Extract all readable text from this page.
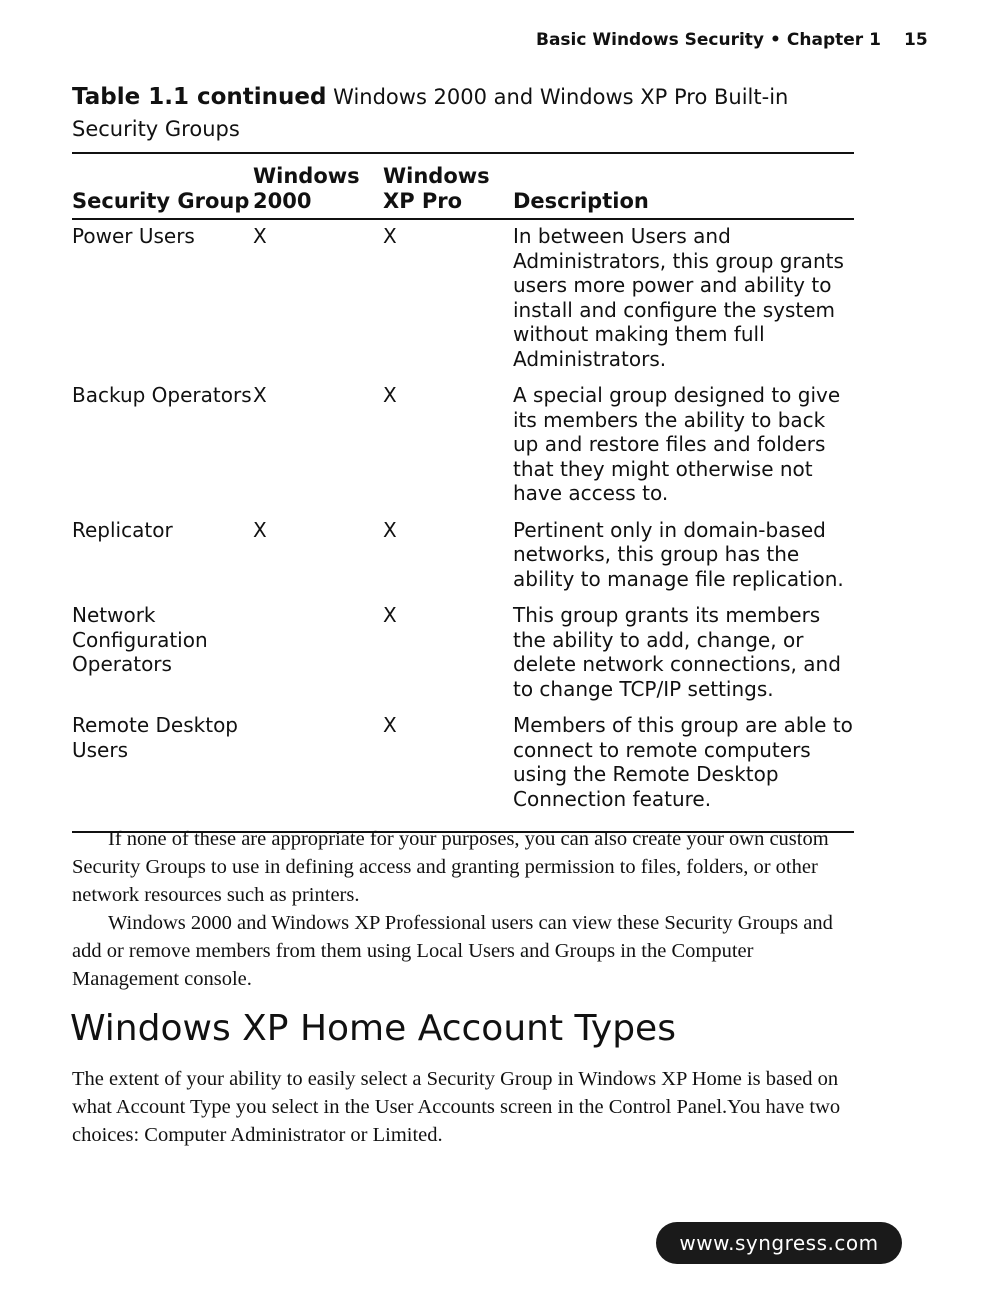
Basic Windows Security • Chapter 1 15
Table 1.1 continued Windows 2000 and Windows XP Pro Built-in Security Groups
Security Group	Windows 2000	Windows XP Pro	Description
Power Users	X	X	In between Users and Administrators, this group grants users more power and ability to install and configure the system without making them full Administrators.
Backup Operators	X	X	A special group designed to give its members the ability to back up and restore files and folders that they might otherwise not have access to.
Replicator	X	X	Pertinent only in domain-based networks, this group has the ability to manage file replication.
Network Configuration Operators		X	This group grants its members the ability to add, change, or delete network connections, and to change TCP/IP settings.
Remote Desktop Users		X	Members of this group are able to connect to remote computers using the Remote Desktop Connection feature.

If none of these are appropriate for your purposes, you can also create your own custom Security Groups to use in defining access and granting permission to files, folders, or other network resources such as printers.

Windows 2000 and Windows XP Professional users can view these Security Groups and add or remove members from them using Local Users and Groups in the Computer Management console.

Windows XP Home Account Types

The extent of your ability to easily select a Security Group in Windows XP Home is based on what Account Type you select in the User Accounts screen in the Control Panel.You have two choices: Computer Administrator or Limited.

www.syngress.com
